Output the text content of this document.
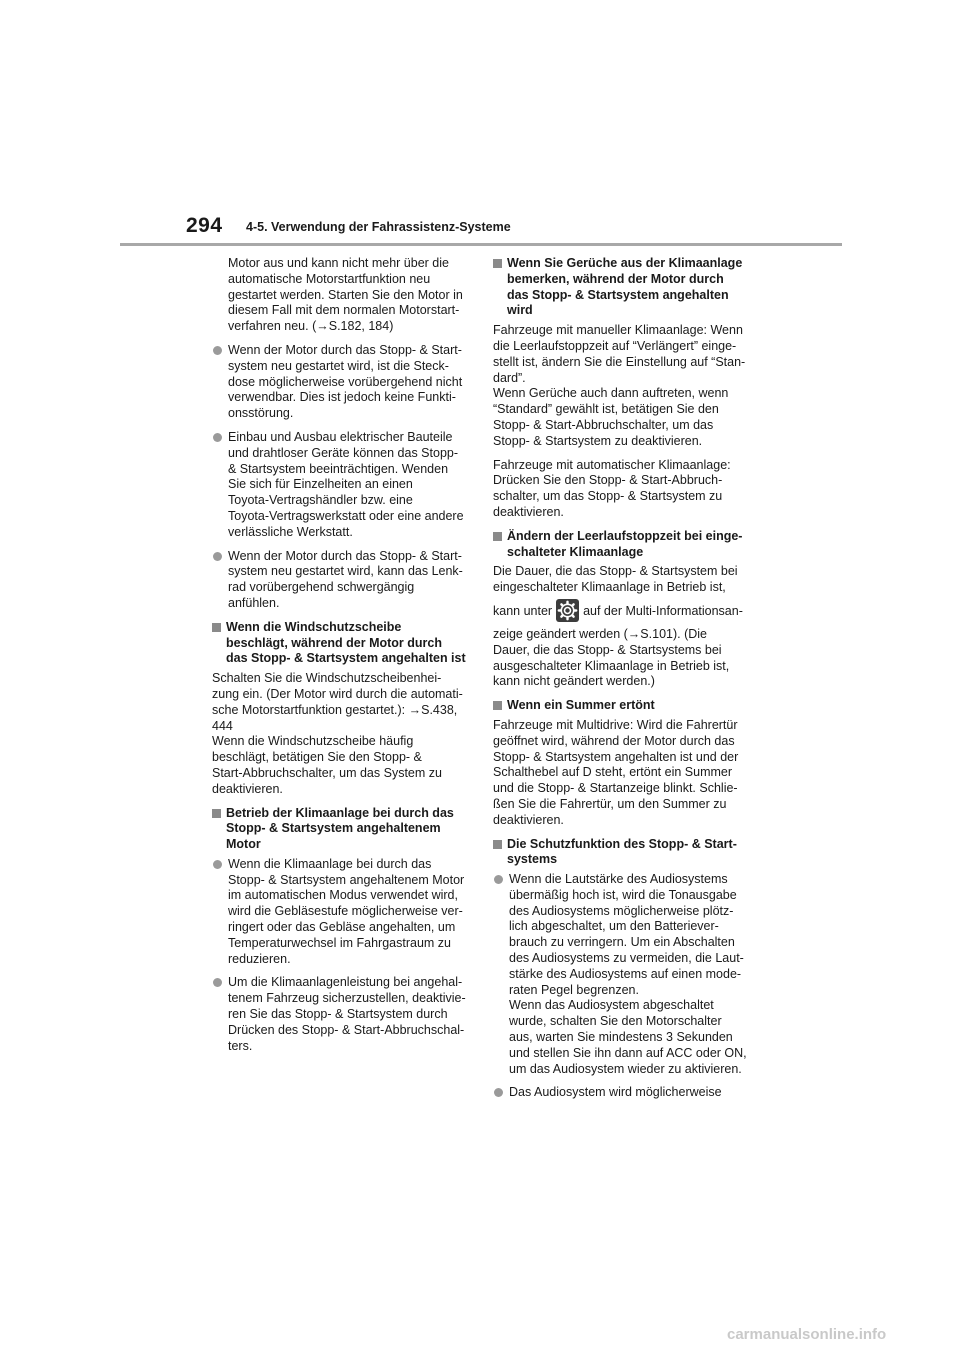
294 4-5. Verwendung der Fahrassistenz-Systeme
Motor aus und kann nicht mehr über die
automatische Motorstartfunktion neu
gestartet werden. Starten Sie den Motor in
diesem Fall mit dem normalen Motorstart-
verfahren neu. (→S.182, 184)
Wenn der Motor durch das Stopp- & Start-
system neu gestartet wird, ist die Steck-
dose möglicherweise vorübergehend nicht
verwendbar. Dies ist jedoch keine Funkti-
onsstörung.
Einbau und Ausbau elektrischer Bauteile
und drahtloser Geräte können das Stopp-
& Startsystem beeinträchtigen. Wenden
Sie sich für Einzelheiten an einen
Toyota-Vertragshändler bzw. eine
Toyota-Vertragswerkstatt oder eine andere
verlässliche Werkstatt.
Wenn der Motor durch das Stopp- & Start-
system neu gestartet wird, kann das Lenk-
rad vorübergehend schwergängig
anfühlen.
Wenn die Windschutzscheibe
beschlägt, während der Motor durch
das Stopp- & Startsystem angehalten ist
Schalten Sie die Windschutzscheibenhei-
zung ein. (Der Motor wird durch die automati-
sche Motorstartfunktion gestartet.): →S.438,
444
Wenn die Windschutzscheibe häufig
beschlägt, betätigen Sie den Stopp- &
Start-Abbruchschalter, um das System zu
deaktivieren.
Betrieb der Klimaanlage bei durch das
Stopp- & Startsystem angehaltenem
Motor
Wenn die Klimaanlage bei durch das
Stopp- & Startsystem angehaltenem Motor
im automatischen Modus verwendet wird,
wird die Gebläsestufe möglicherweise ver-
ringert oder das Gebläse angehalten, um
Temperaturwechsel im Fahrgastraum zu
reduzieren.
Um die Klimaanlagenleistung bei angehal-
tenem Fahrzeug sicherzustellen, deaktivie-
ren Sie das Stopp- & Startsystem durch
Drücken des Stopp- & Start-Abbruchschal-
ters.
Wenn Sie Gerüche aus der Klimaanlage
bemerken, während der Motor durch
das Stopp- & Startsystem angehalten
wird
Fahrzeuge mit manueller Klimaanlage: Wenn
die Leerlaufstoppzeit auf “Verlängert” einge-
stellt ist, ändern Sie die Einstellung auf “Stan-
dard”.
Wenn Gerüche auch dann auftreten, wenn
“Standard” gewählt ist, betätigen Sie den
Stopp- & Start-Abbruchschalter, um das
Stopp- & Startsystem zu deaktivieren.
Fahrzeuge mit automatischer Klimaanlage:
Drücken Sie den Stopp- & Start-Abbruch-
schalter, um das Stopp- & Startsystem zu
deaktivieren.
Ändern der Leerlaufstoppzeit bei einge-
schalteter Klimaanlage
Die Dauer, die das Stopp- & Startsystem bei
eingeschalteter Klimaanlage in Betrieb ist,
kann unter auf der Multi-Informationsan-
zeige geändert werden (→S.101). (Die
Dauer, die das Stopp- & Startsystems bei
ausgeschalteter Klimaanlage in Betrieb ist,
kann nicht geändert werden.)
Wenn ein Summer ertönt
Fahrzeuge mit Multidrive: Wird die Fahrertür
geöffnet wird, während der Motor durch das
Stopp- & Startsystem angehalten ist und der
Schalthebel auf D steht, ertönt ein Summer
und die Stopp- & Startanzeige blinkt. Schlie-
ßen Sie die Fahrertür, um den Summer zu
deaktivieren.
Die Schutzfunktion des Stopp- & Start-
systems
Wenn die Lautstärke des Audiosystems
übermäßig hoch ist, wird die Tonausgabe
des Audiosystems möglicherweise plötz-
lich abgeschaltet, um den Batteriever-
brauch zu verringern. Um ein Abschalten
des Audiosystems zu vermeiden, die Laut-
stärke des Audiosystems auf einen mode-
raten Pegel begrenzen.
Wenn das Audiosystem abgeschaltet
wurde, schalten Sie den Motorschalter
aus, warten Sie mindestens 3 Sekunden
und stellen Sie ihn dann auf ACC oder ON,
um das Audiosystem wieder zu aktivieren.
Das Audiosystem wird möglicherweise
carmanualsonline.info
